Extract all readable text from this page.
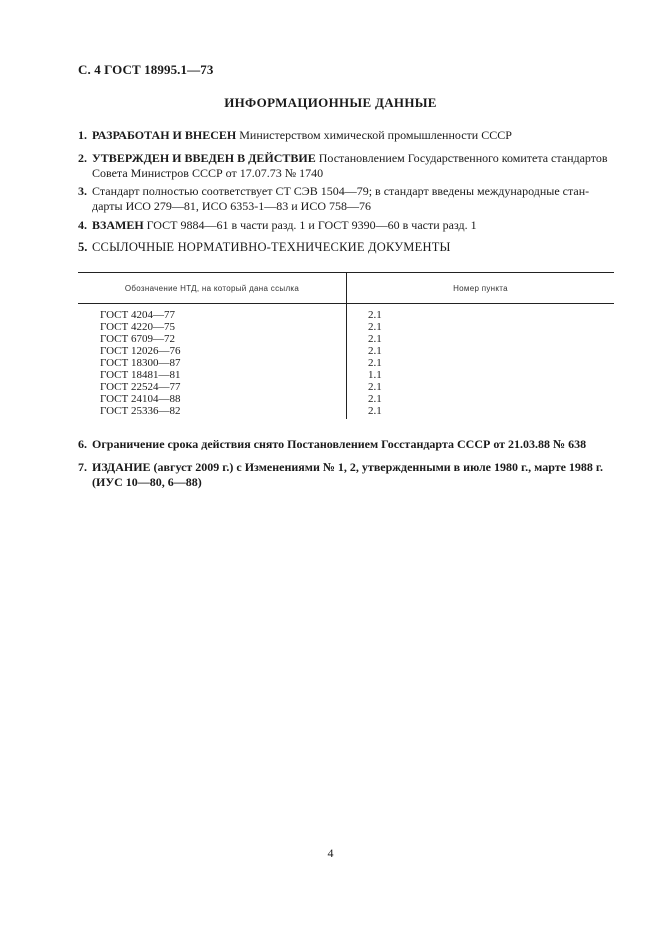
С. 4 ГОСТ 18995.1—73
ИНФОРМАЦИОННЫЕ ДАННЫЕ
1. РАЗРАБОТАН И ВНЕСЕН Министерством химической промышленности СССР
2. УТВЕРЖДЕН И ВВЕДЕН В ДЕЙСТВИЕ Постановлением Государственного комитета стандартов
Совета Министров СССР от 17.07.73 № 1740
3. Стандарт полностью соответствует СТ СЭВ 1504—79; в стандарт введены международные стан-
дарты ИСО 279—81, ИСО 6353-1—83 и ИСО 758—76
4. ВЗАМЕН ГОСТ 9884—61 в части разд. 1 и ГОСТ 9390—60 в части разд. 1
5. ССЫЛОЧНЫЕ НОРМАТИВНО-ТЕХНИЧЕСКИЕ ДОКУМЕНТЫ
Обозначение НТД, на который дана ссылка	Номер пункта
ГОСТ 4204—77
ГОСТ 4220—75
ГОСТ 6709—72
ГОСТ 12026—76
ГОСТ 18300—87
ГОСТ 18481—81
ГОСТ 22524—77
ГОСТ 24104—88
ГОСТ 25336—82
2.1
2.1
2.1
2.1
2.1
1.1
2.1
2.1
2.1
6. Ограничение срока действия снято Постановлением Госстандарта СССР от 21.03.88 № 638
7. ИЗДАНИЕ (август 2009 г.) с Изменениями № 1, 2, утвержденными в июле 1980 г., марте 1988 г.
(ИУС 10—80, 6—88)
4
